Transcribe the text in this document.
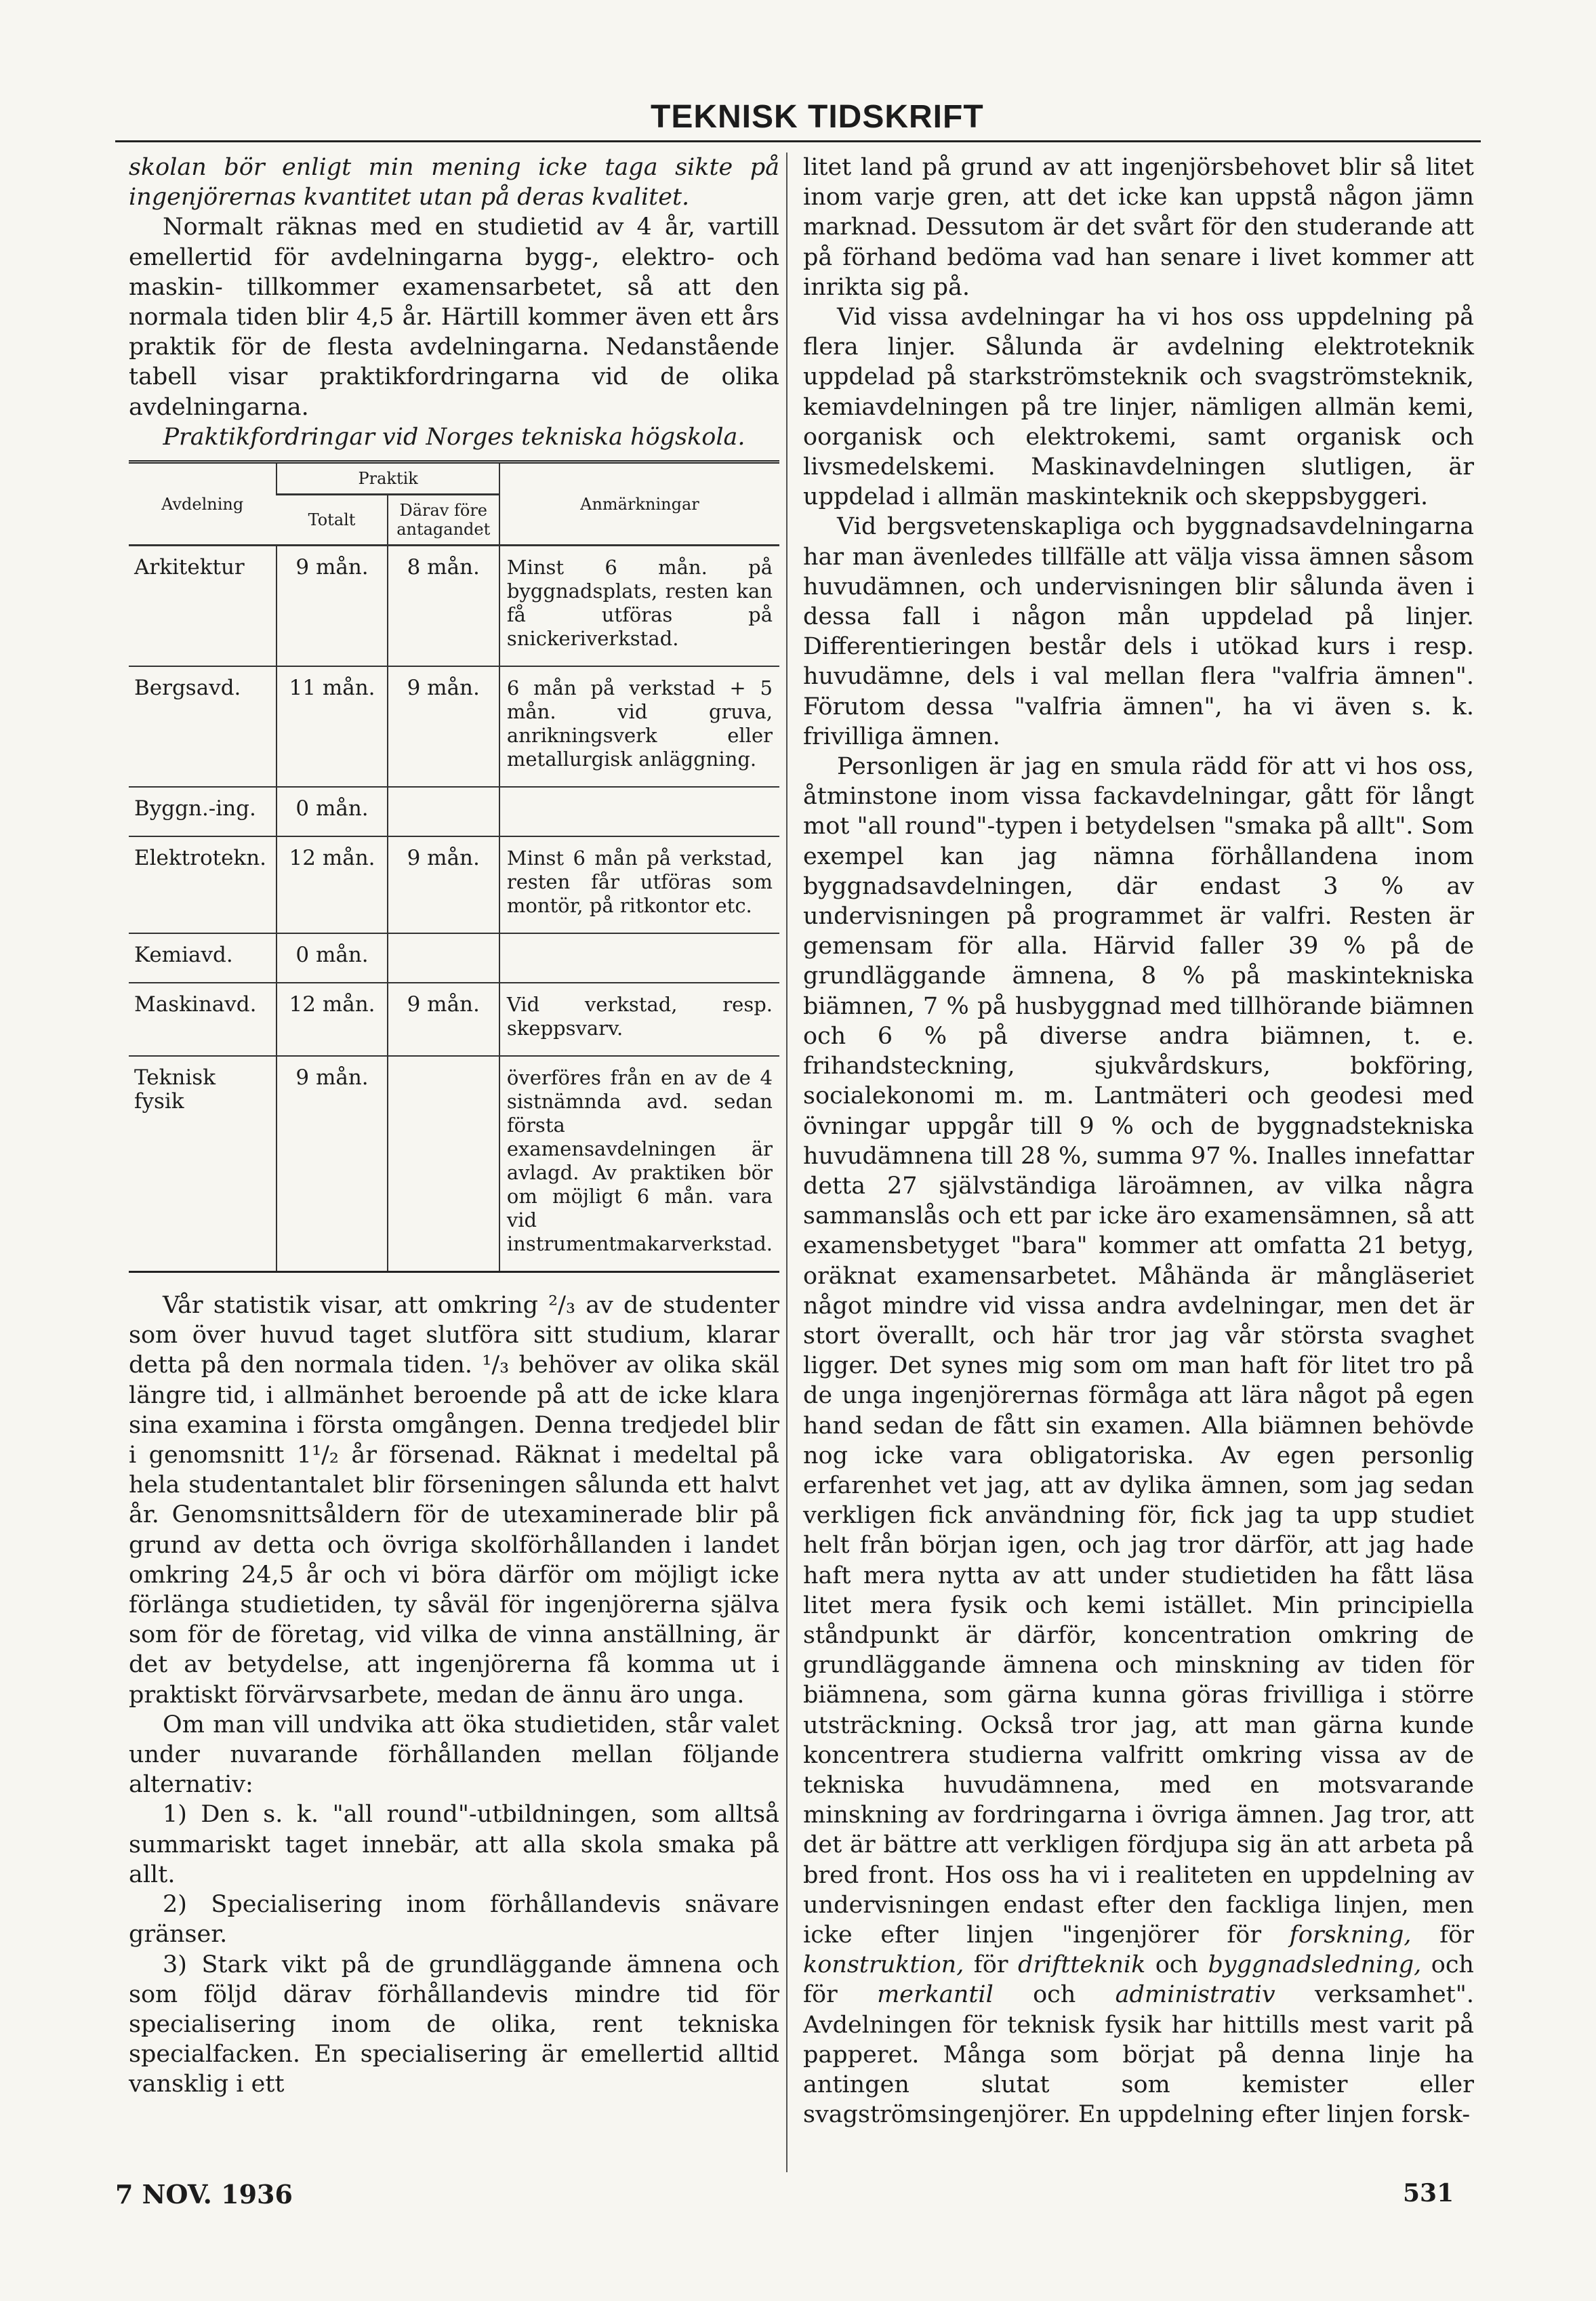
TEKNISK TIDSKRIFT

skolan bör enligt min mening icke taga sikte på ingenjörernas kvantitet utan på deras kvalitet.

Normalt räknas med en studietid av 4 år, vartill emellertid för avdelningarna bygg-, elektro- och maskin- tillkommer examensarbetet, så att den normala tiden blir 4,5 år. Härtill kommer även ett års praktik för de flesta avdelningarna. Nedanstående tabell visar praktikfordringarna vid de olika avdelningarna.

Praktikfordringar vid Norges tekniska högskola.

Avdelning	Praktik		Anmärkningar
	Totalt	Därav före antagandet	
Arkitektur	9 mån.	8 mån.	Minst 6 mån. på byggnadsplats, resten kan få utföras på snickeriverkstad.
Bergsavd.	11 mån.	9 mån.	6 mån på verkstad + 5 mån. vid gruva, anrikningsverk eller metallurgisk anläggning.
Byggn.-ing.	0 mån.		
Elektrotekn.	12 mån.	9 mån.	Minst 6 mån på verkstad, resten får utföras som montör, på ritkontor etc.
Kemiavd.	0 mån.		
Maskinavd.	12 mån.	9 mån.	Vid verkstad, resp. skeppsvarv.
Teknisk fysik	9 mån.		överföres från en av de 4 sistnämnda avd. sedan första examensavdelningen är avlagd. Av praktiken bör om möjligt 6 mån. vara vid instrumentmakarverkstad.

Vår statistik visar, att omkring ²/₃ av de studenter som över huvud taget slutföra sitt studium, klarar detta på den normala tiden. ¹/₃ behöver av olika skäl längre tid, i allmänhet beroende på att de icke klara sina examina i första omgången. Denna tredjedel blir i genomsnitt 1¹/₂ år försenad. Räknat i medeltal på hela studentantalet blir förseningen sålunda ett halvt år. Genomsnittsåldern för de utexaminerade blir på grund av detta och övriga skolförhållanden i landet omkring 24,5 år och vi böra därför om möjligt icke förlänga studietiden, ty såväl för ingenjörerna själva som för de företag, vid vilka de vinna anställning, är det av betydelse, att ingenjörerna få komma ut i praktiskt förvärvsarbete, medan de ännu äro unga.

Om man vill undvika att öka studietiden, står valet under nuvarande förhållanden mellan följande alternativ:

1) Den s. k. "all round"-utbildningen, som alltså summariskt taget innebär, att alla skola smaka på allt.

2) Specialisering inom förhållandevis snävare gränser.

3) Stark vikt på de grundläggande ämnena och som följd därav förhållandevis mindre tid för specialisering inom de olika, rent tekniska specialfacken. En specialisering är emellertid alltid vansklig i ett

litet land på grund av att ingenjörsbehovet blir så litet inom varje gren, att det icke kan uppstå någon jämn marknad. Dessutom är det svårt för den studerande att på förhand bedöma vad han senare i livet kommer att inrikta sig på.

Vid vissa avdelningar ha vi hos oss uppdelning på flera linjer. Sålunda är avdelning elektroteknik uppdelad på starkströmsteknik och svagströmsteknik, kemiavdelningen på tre linjer, nämligen allmän kemi, oorganisk och elektrokemi, samt organisk och livsmedelskemi. Maskinavdelningen slutligen, är uppdelad i allmän maskinteknik och skeppsbyggeri.

Vid bergsvetenskapliga och byggnadsavdelningarna har man ävenledes tillfälle att välja vissa ämnen såsom huvudämnen, och undervisningen blir sålunda även i dessa fall i någon mån uppdelad på linjer. Differentieringen består dels i utökad kurs i resp. huvudämne, dels i val mellan flera "valfria ämnen". Förutom dessa "valfria ämnen", ha vi även s. k. frivilliga ämnen.

Personligen är jag en smula rädd för att vi hos oss, åtminstone inom vissa fackavdelningar, gått för långt mot "all round"-typen i betydelsen "smaka på allt". Som exempel kan jag nämna förhållandena inom byggnadsavdelningen, där endast 3 % av undervisningen på programmet är valfri. Resten är gemensam för alla. Härvid faller 39 % på de grundläggande ämnena, 8 % på maskintekniska biämnen, 7 % på husbyggnad med tillhörande biämnen och 6 % på diverse andra biämnen, t. e. frihandsteckning, sjukvårdskurs, bokföring, socialekonomi m. m. Lantmäteri och geodesi med övningar uppgår till 9 % och de byggnadstekniska huvudämnena till 28 %, summa 97 %. Inalles innefattar detta 27 självständiga läroämnen, av vilka några sammanslås och ett par icke äro examensämnen, så att examensbetyget "bara" kommer att omfatta 21 betyg, oräknat examensarbetet. Måhända är mångläseriet något mindre vid vissa andra avdelningar, men det är stort överallt, och här tror jag vår största svaghet ligger. Det synes mig som om man haft för litet tro på de unga ingenjörernas förmåga att lära något på egen hand sedan de fått sin examen. Alla biämnen behövde nog icke vara obligatoriska. Av egen personlig erfarenhet vet jag, att av dylika ämnen, som jag sedan verkligen fick användning för, fick jag ta upp studiet helt från början igen, och jag tror därför, att jag hade haft mera nytta av att under studietiden ha fått läsa litet mera fysik och kemi istället. Min principiella ståndpunkt är därför, koncentration omkring de grundläggande ämnena och minskning av tiden för biämnena, som gärna kunna göras frivilliga i större utsträckning. Också tror jag, att man gärna kunde koncentrera studierna valfritt omkring vissa av de tekniska huvudämnena, med en motsvarande minskning av fordringarna i övriga ämnen. Jag tror, att det är bättre att verkligen fördjupa sig än att arbeta på bred front. Hos oss ha vi i realiteten en uppdelning av undervisningen endast efter den fackliga linjen, men icke efter linjen "ingenjörer för forskning, för konstruktion, för driftteknik och byggnadsledning, och för merkantil och administrativ verksamhet". Avdelningen för teknisk fysik har hittills mest varit på papperet. Många som börjat på denna linje ha antingen slutat som kemister eller svagströmsingenjörer. En uppdelning efter linjen forsk-

7 NOV. 1936	531
